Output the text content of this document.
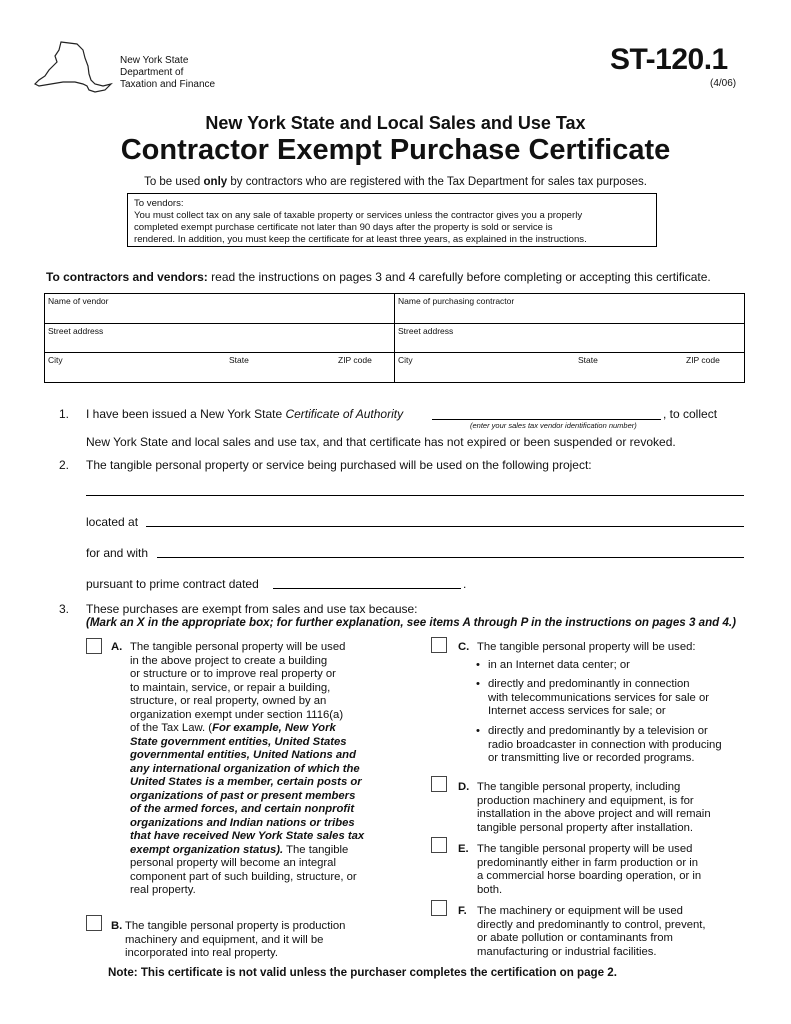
New York State
Department of
Taxation and Finance
ST-120.1
(4/06)
New York State and Local Sales and Use Tax
Contractor Exempt Purchase Certificate
To be used only by contractors who are registered with the Tax Department for sales tax purposes.
To vendors:
You must collect tax on any sale of taxable property or services unless the contractor gives you a properly
completed exempt purchase certificate not later than 90 days after the property is sold or service is
rendered. In addition, you must keep the certificate for at least three years, as explained in the instructions.
To contractors and vendors: read the instructions on pages 3 and 4 carefully before completing or accepting this certificate.
Name of vendor	Name of purchasing contractor
Street address	Street address

City State ZIP code	City State ZIP code
1. I have been issued a New York State Certificate of Authority	, to collect
(enter your sales tax vendor identification number)
New York State and local sales and use tax, and that certificate has not expired or been suspended or revoked.
2. The tangible personal property or service being purchased will be used on the following project:
located at
for and with
pursuant to prime contract dated	.
3. These purchases are exempt from sales and use tax because:
(Mark an X in the appropriate box; for further explanation, see items A through P in the instructions on pages 3 and 4.)
A. The tangible personal property will be used

in the above project to create a building

or structure or to improve real property or

to maintain, service, or repair a building,

structure, or real property, owned by an

organization exempt under section 1116(a)

of the Tax Law. (For example, New York

State government entities, United States

governmental entities, United Nations and

any international organization of which the

United States is a member, certain posts or

organizations of past or present members

of the armed forces, and certain nonprofit

organizations and Indian nations or tribes

that have received New York State sales tax

exempt organization status). The tangible

personal property will become an integral

component part of such building, structure, or

real property.

B. The tangible personal property is production

machinery and equipment, and it will be

incorporated into real property.

C. The tangible personal property will be used:

• in an Internet data center; or
• directly and predominantly in connection
with telecommunications services for sale or
Internet access services for sale; or
• directly and predominantly by a television or
radio broadcaster in connection with producing
or transmitting live or recorded programs.
D. The tangible personal property, including

production machinery and equipment, is for

installation in the above project and will remain

tangible personal property after installation.

E. The tangible personal property will be used

predominantly either in farm production or in

a commercial horse boarding operation, or in

both.

F. The machinery or equipment will be used

directly and predominantly to control, prevent,

or abate pollution or contaminants from

manufacturing or industrial facilities.

Note: This certificate is not valid unless the purchaser completes the certification on page 2.
